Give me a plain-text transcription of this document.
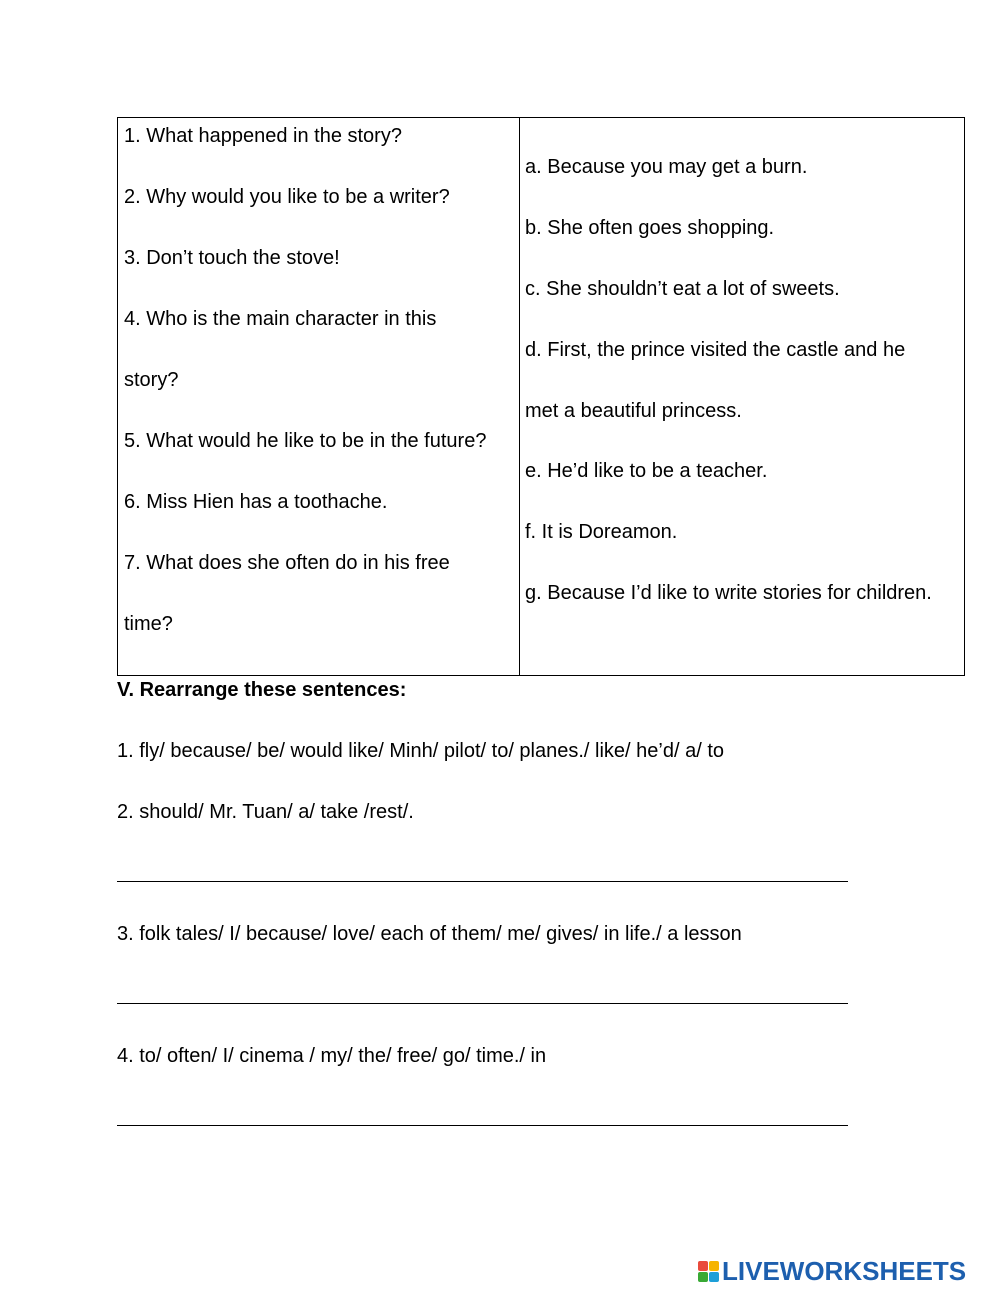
1. What happened in the story?
2. Why would you like to be a writer?
3. Don’t touch the stove!
4. Who is the main character in this
story?
5. What would he like to be in the future?
6. Miss Hien has a toothache.
7. What does she often do in his free
time?
a. Because you may get a burn.
b. She often goes shopping.
c. She shouldn’t eat a lot of sweets.
d. First, the prince visited the castle and he
met a beautiful princess.
e. He’d like to be a teacher.
f. It is Doreamon.
g. Because I’d like to write stories for children.
V. Rearrange these sentences:
1. fly/ because/ be/ would like/ Minh/ pilot/ to/ planes./ like/ he’d/ a/ to
2. should/ Mr. Tuan/ a/ take /rest/.
3. folk tales/ I/ because/ love/ each of them/ me/ gives/ in life./ a lesson
4. to/ often/ I/ cinema / my/ the/ free/ go/ time./ in
LIVEWORKSHEETS
